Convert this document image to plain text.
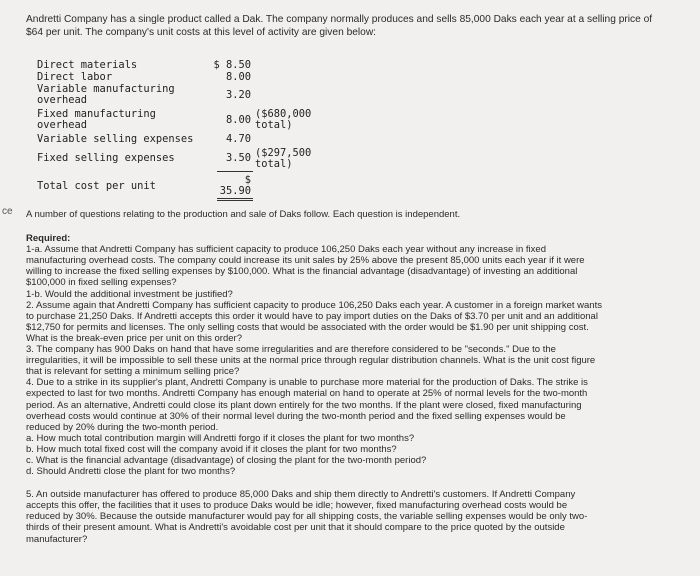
ce
Andretti Company has a single product called a Dak. The company normally produces and sells 85,000 Daks each year at a selling price of $64 per unit. The company's unit costs at this level of activity are given below:
Direct materials	$ 8.50
Direct labor	8.00
Variable manufacturing
overhead	3.20
Fixed manufacturing
overhead	8.00 ($680,000
total)
Variable selling expenses	4.70
Fixed selling expenses	3.50 ($297,500
total)
Total cost per unit	$
35.90

A number of questions relating to the production and sale of Daks follow. Each question is independent.

Required:

1-a. Assume that Andretti Company has sufficient capacity to produce 106,250 Daks each year without any increase in fixed manufacturing overhead costs. The company could increase its unit sales by 25% above the present 85,000 units each year if it were willing to increase the fixed selling expenses by $100,000. What is the financial advantage (disadvantage) of investing an additional $100,000 in fixed selling expenses?

1-b. Would the additional investment be justified?

2. Assume again that Andretti Company has sufficient capacity to produce 106,250 Daks each year. A customer in a foreign market wants to purchase 21,250 Daks. If Andretti accepts this order it would have to pay import duties on the Daks of $3.70 per unit and an additional $12,750 for permits and licenses. The only selling costs that would be associated with the order would be $1.90 per unit shipping cost. What is the break-even price per unit on this order?

3. The company has 900 Daks on hand that have some irregularities and are therefore considered to be "seconds." Due to the irregularities, it will be impossible to sell these units at the normal price through regular distribution channels. What is the unit cost figure that is relevant for setting a minimum selling price?

4. Due to a strike in its supplier's plant, Andretti Company is unable to purchase more material for the production of Daks. The strike is expected to last for two months. Andretti Company has enough material on hand to operate at 25% of normal levels for the two-month period. As an alternative, Andretti could close its plant down entirely for the two months. If the plant were closed, fixed manufacturing overhead costs would continue at 30% of their normal level during the two-month period and the fixed selling expenses would be reduced by 20% during the two-month period.

a. How much total contribution margin will Andretti forgo if it closes the plant for two months?

b. How much total fixed cost will the company avoid if it closes the plant for two months?

c. What is the financial advantage (disadvantage) of closing the plant for the two-month period?

d. Should Andretti close the plant for two months?

5. An outside manufacturer has offered to produce 85,000 Daks and ship them directly to Andretti's customers. If Andretti Company accepts this offer, the facilities that it uses to produce Daks would be idle; however, fixed manufacturing overhead costs would be reduced by 30%. Because the outside manufacturer would pay for all shipping costs, the variable selling expenses would be only two-thirds of their present amount. What is Andretti's avoidable cost per unit that it should compare to the price quoted by the outside manufacturer?
